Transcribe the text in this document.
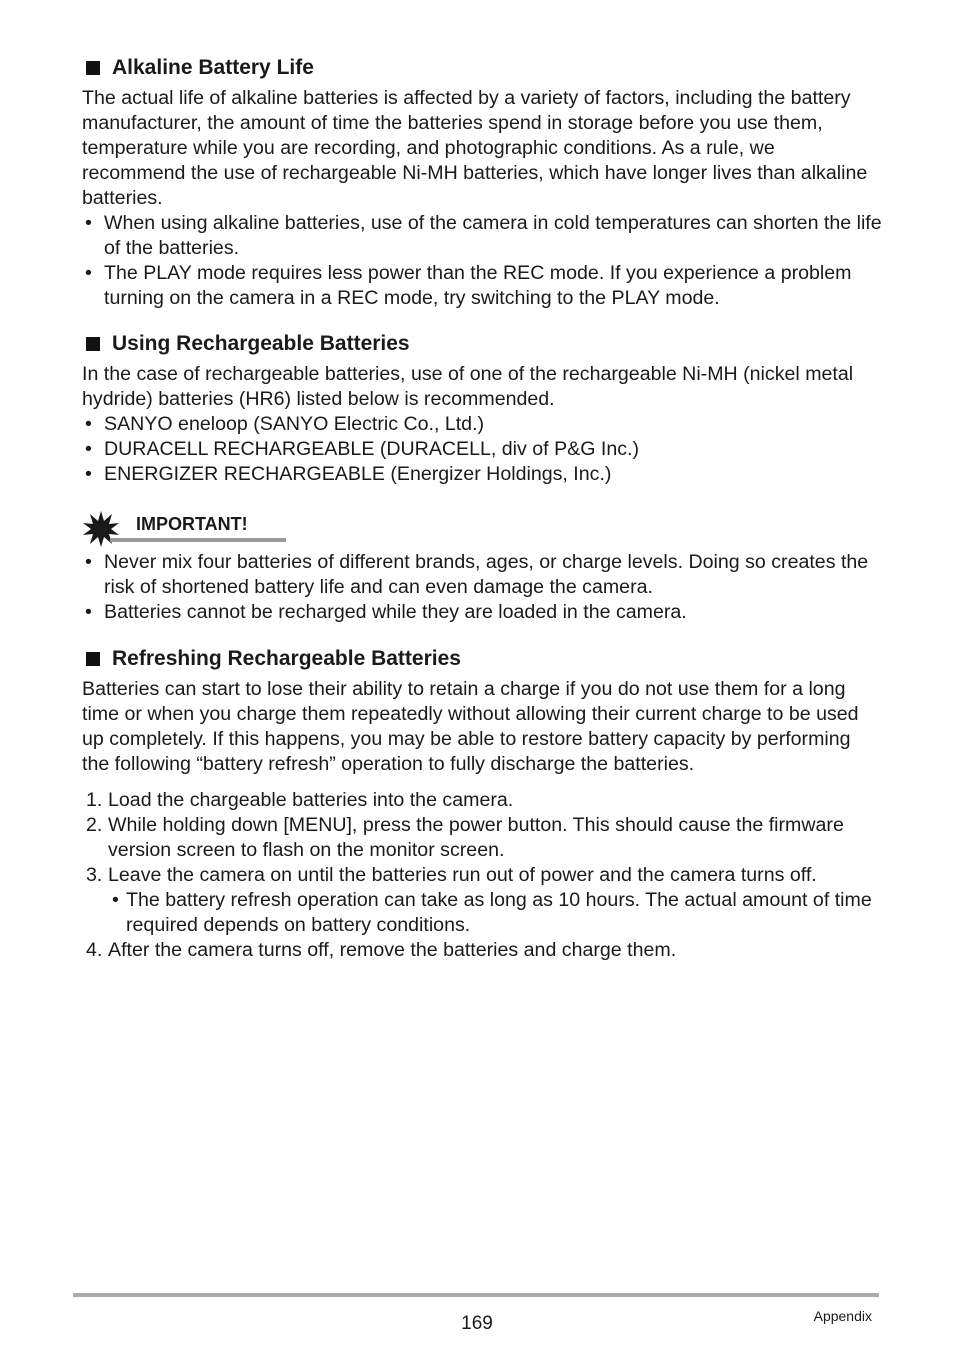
Alkaline Battery Life

The actual life of alkaline batteries is affected by a variety of factors, including the battery manufacturer, the amount of time the batteries spend in storage before you use them, temperature while you are recording, and photographic conditions. As a rule, we recommend the use of rechargeable Ni-MH batteries, which have longer lives than alkaline batteries.

• When using alkaline batteries, use of the camera in cold temperatures can shorten the life of the batteries.
• The PLAY mode requires less power than the REC mode. If you experience a problem turning on the camera in a REC mode, try switching to the PLAY mode.
Using Rechargeable Batteries

In the case of rechargeable batteries, use of one of the rechargeable Ni-MH (nickel metal hydride) batteries (HR6) listed below is recommended.

• SANYO eneloop (SANYO Electric Co., Ltd.)
• DURACELL RECHARGEABLE (DURACELL, div of P&G Inc.)
• ENERGIZER RECHARGEABLE (Energizer Holdings, Inc.)
IMPORTANT!
• Never mix four batteries of different brands, ages, or charge levels. Doing so creates the risk of shortened battery life and can even damage the camera.
• Batteries cannot be recharged while they are loaded in the camera.
Refreshing Rechargeable Batteries

Batteries can start to lose their ability to retain a charge if you do not use them for a long time or when you charge them repeatedly without allowing their current charge to be used up completely. If this happens, you may be able to restore battery capacity by performing the following “battery refresh” operation to fully discharge the batteries.

1. Load the chargeable batteries into the camera.
2. While holding down [MENU], press the power button. This should cause the firmware version screen to flash on the monitor screen.
3. Leave the camera on until the batteries run out of power and the camera turns off.
• The battery refresh operation can take as long as 10 hours. The actual amount of time required depends on battery conditions.
4. After the camera turns off, remove the batteries and charge them.
169	Appendix
